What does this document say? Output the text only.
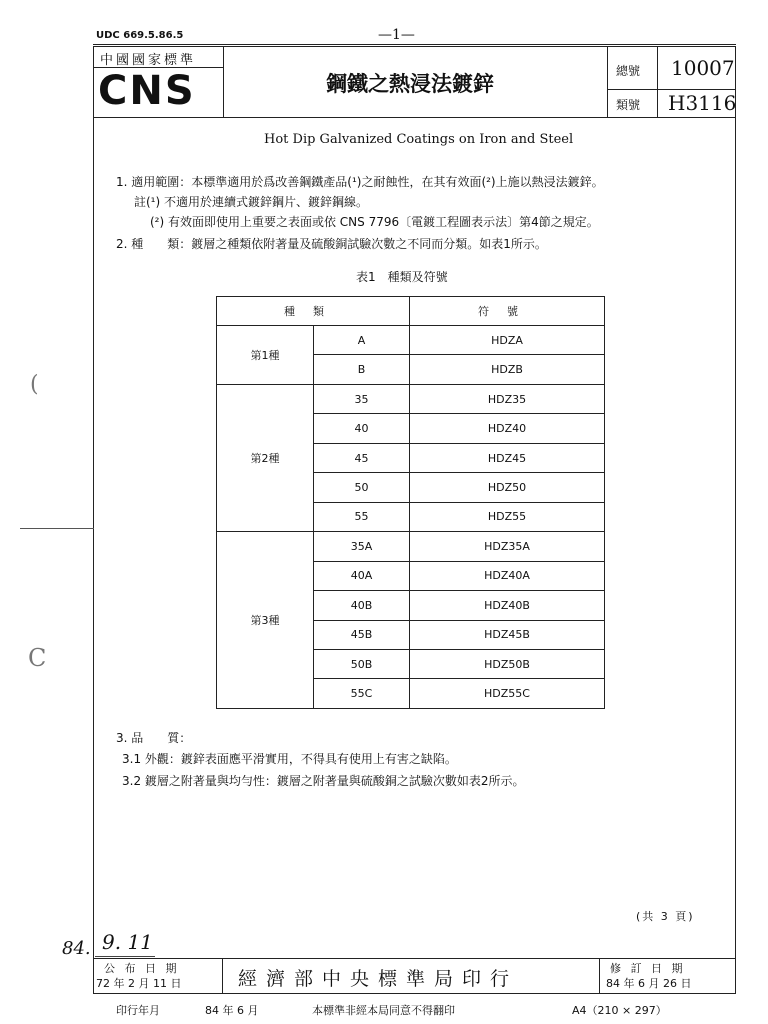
UDC 669.5.86.5	—1—
中國國家標準
CNS	鋼鐵之熱浸法鍍鋅
總號 10007
類號 H3116
Hot Dip Galvanized Coatings on Iron and Steel
1. 適用範圍：本標準適用於爲改善鋼鐵產品(¹)之耐蝕性，在其有效面(²)上施以熱浸法鍍鋅。
註(¹) 不適用於連續式鍍鋅鋼片、鍍鋅鋼線。
(²) 有效面即使用上重要之表面或依 CNS 7796〔電鍍工程圖表示法〕第4節之規定。
2. 種　　類：鍍層之種類依附著量及硫酸銅試驗次數之不同而分類。如表1所示。
表1　種類及符號
種類		符號
第1種	A	HDZA
	B	HDZB
第2種	35	HDZ35
	40	HDZ40
	45	HDZ45
	50	HDZ50
	55	HDZ55
第3種	35A	HDZ35A
	40A	HDZ40A
	40B	HDZ40B
	45B	HDZ45B
	50B	HDZ50B
	55C	HDZ55C
3. 品　　質：
3.1 外觀：鍍鋅表面應平滑實用，不得具有使用上有害之缺陷。
3.2 鍍層之附著量與均勻性：鍍層之附著量與硫酸銅之試驗次數如表2所示。
(共 3 頁)
84. 9. 11
(
C
公 布 日 期
72 年 2 月 11 日	經濟部中央標準局印行	修 訂 日 期
84 年 6 月 26 日
印行年月	84 年 6 月	本標準非經本局同意不得翻印	A4（210 × 297）
